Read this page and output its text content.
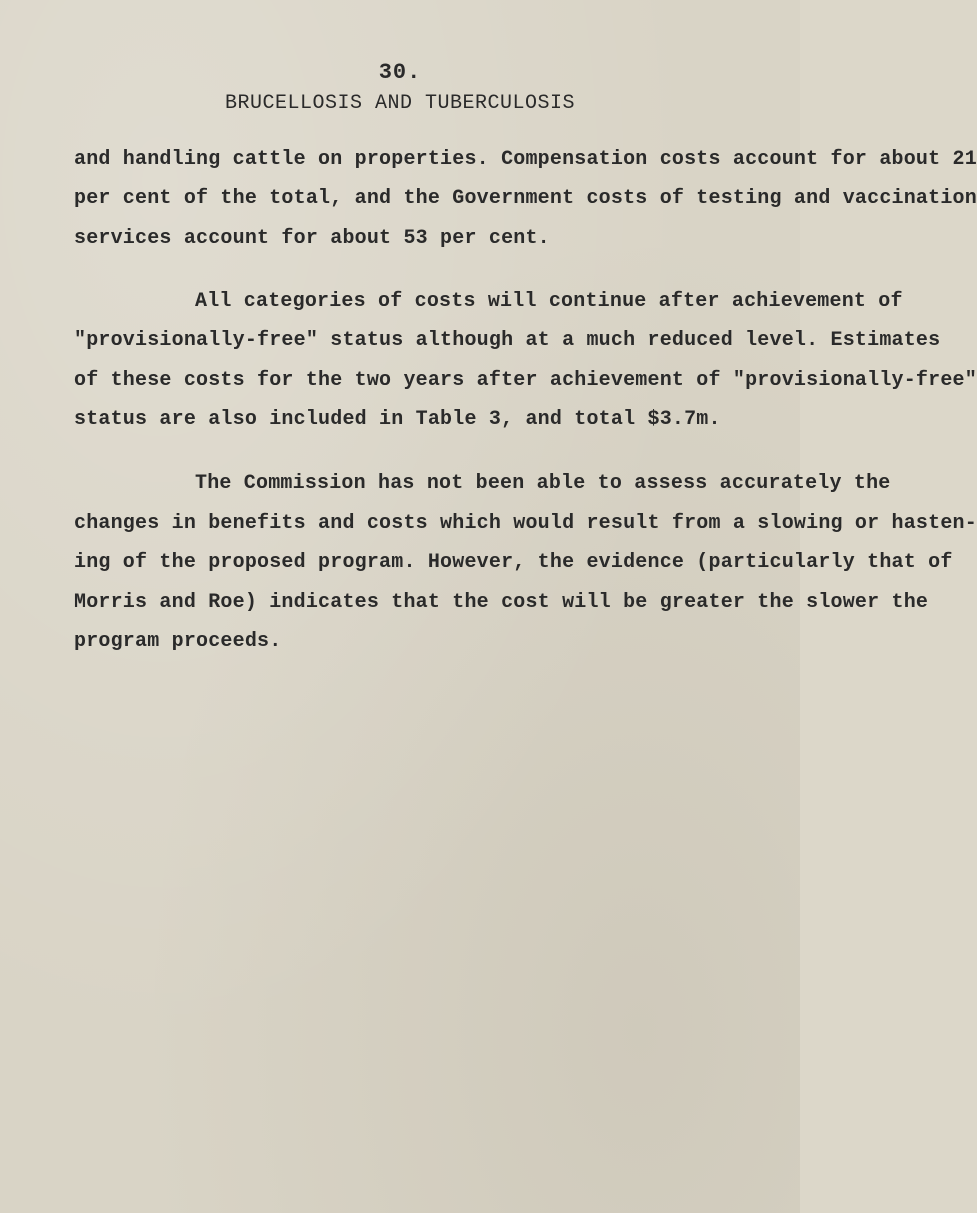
30.
BRUCELLOSIS AND TUBERCULOSIS
and handling cattle on properties. Compensation costs account for about 21
per cent of the total, and the Government costs of testing and vaccination
services account for about 53 per cent.
All categories of costs will continue after achievement of
"provisionally-free" status although at a much reduced level. Estimates
of these costs for the two years after achievement of "provisionally-free"
status are also included in Table 3, and total $3.7m.
The Commission has not been able to assess accurately the
changes in benefits and costs which would result from a slowing or hasten-
ing of the proposed program. However, the evidence (particularly that of
Morris and Roe) indicates that the cost will be greater the slower the
program proceeds.
